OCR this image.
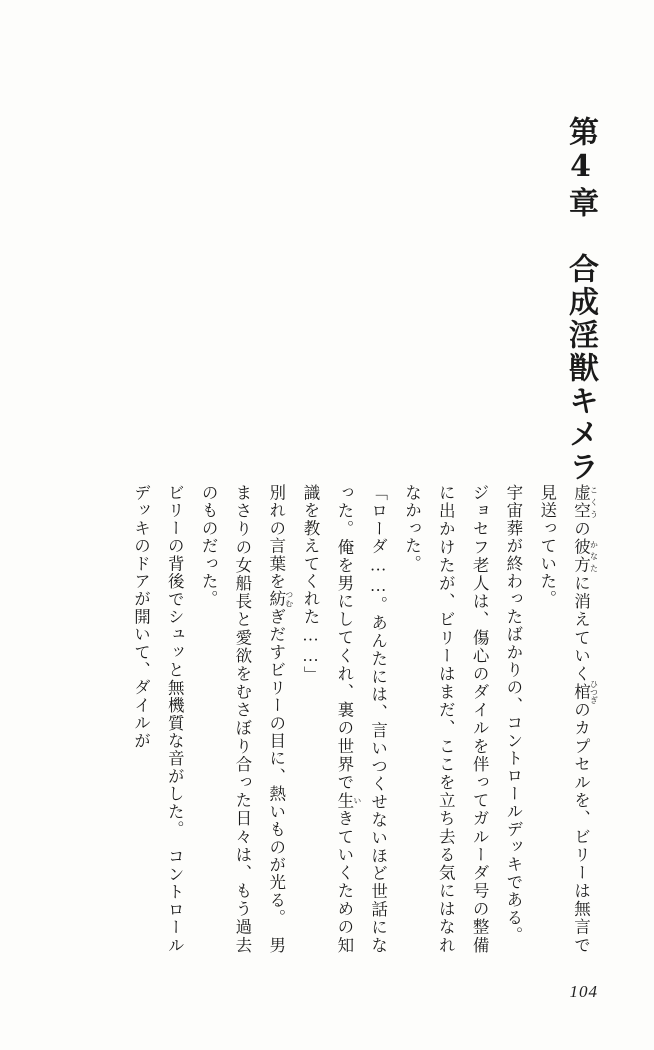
第4章　合成淫獣キメラ

虚空 こくうの彼方 かなたに消えていく棺 ひつぎのカプセルを、ビリーは無言で見送っていた。

宇宙葬が終わったばかりの、コントロールデッキである。

ジョセフ老人は、傷心のダイルを伴ってガルーダ号の整備に出かけたが、ビリーはまだ、ここを立ち去る気にはなれなかった。

「ローダ……。あんたには、言いつくせないほど世話になった。俺を男にしてくれ、裏の世界で生 いきていくための知識を教えてくれた……」

別れの言葉を紡 つむぎだすビリーの目に、熱いものが光る。　男まさりの女船長と愛欲をむさぼり合った日々は、もう過去のものだった。

ビリーの背後でシュッと無機質な音がした。　コントロールデッキのドアが開いて、ダイルが

104
